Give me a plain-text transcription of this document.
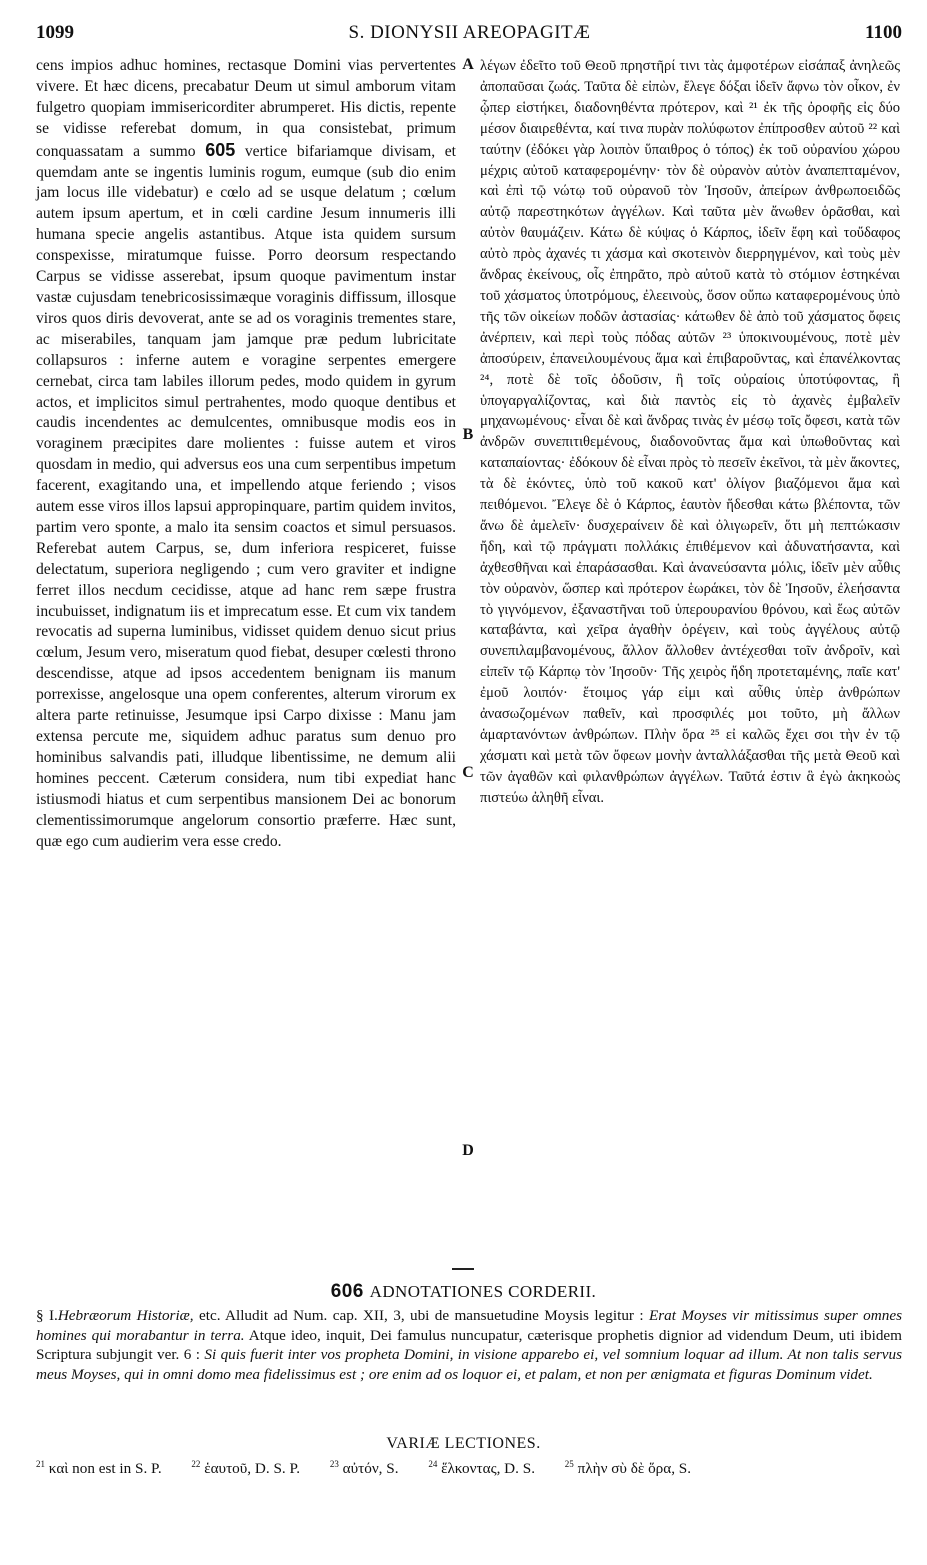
1099	S. DIONYSII AREOPAGITÆ	1100

cens impios adhuc homines, rectasque Domini vias pervertentes vivere. Et hæc dicens, precabatur Deum ut simul amborum vitam fulgetro quopiam immisericorditer abrumperet. His dictis, repente se vidisse referebat domum, in qua consistebat, primum conquassatam a summo 605 vertice bifariamque divisam, et quemdam ante se ingentis luminis rogum, eumque (sub dio enim jam locus ille videbatur) e cœlo ad se usque delatum ; cœlum autem ipsum apertum, et in cœli cardine Jesum innumeris illi humana specie angelis astantibus. Atque ista quidem sursum conspexisse, miratumque fuisse. Porro deorsum respectando Carpus se vidisse asserebat, ipsum quoque pavimentum instar vastæ cujusdam tenebricosissimæque voraginis diffissum, illosque viros quos diris devoverat, ante se ad os voraginis trementes stare, ac miserabiles, tanquam jam jamque præ pedum lubricitate collapsuros : inferne autem e voragine serpentes emergere cernebat, circa tam labiles illorum pedes, modo quidem in gyrum actos, et implicitos simul pertrahentes, modo quoque dentibus et caudis incendentes ac demulcentes, omnibusque modis eos in voraginem præcipites dare molientes : fuisse autem et viros quosdam in medio, qui adversus eos una cum serpentibus impetum facerent, exagitando una, et impellendo atque feriendo ; visos autem esse viros illos lapsui appropinquare, partim quidem invitos, partim vero sponte, a malo ita sensim coactos et simul persuasos. Referebat autem Carpus, se, dum inferiora respiceret, fuisse delectatum, superiora negligendo ; cum vero graviter et indigne ferret illos necdum cecidisse, atque ad hanc rem sæpe frustra incubuisset, indignatum iis et imprecatum esse. Et cum vix tandem revocatis ad superna luminibus, vidisset quidem denuo sicut prius cœlum, Jesum vero, miseratum quod fiebat, desuper cœlesti throno descendisse, atque ad ipsos accedentem benignam iis manum porrexisse, angelosque una opem conferentes, alterum virorum ex altera parte retinuisse, Jesumque ipsi Carpo dixisse : Manu jam extensa percute me, siquidem adhuc paratus sum denuo pro hominibus salvandis pati, illudque libentissime, ne demum alii homines peccent. Cæterum considera, num tibi expediat hanc istiusmodi hiatus et cum serpentibus mansionem Dei ac bonorum clementissimorumque angelorum consortio præferre. Hæc sunt, quæ ego cum audierim vera esse credo.

A
B
C
D

λέγων ἐδεῖτο τοῦ Θεοῦ πρηστῆρί τινι τὰς ἀμφοτέρων εἰσάπαξ ἀνηλεῶς ἀποπαῦσαι ζωάς. Ταῦτα δὲ εἰπὼν, ἔλεγε δόξαι ἰδεῖν ἄφνω τὸν οἶκον, ἐν ᾧπερ εἱστήκει, διαδονηθέντα πρότερον, καὶ ²¹ ἐκ τῆς ὀροφῆς εἰς δύο μέσον διαιρεθέντα, καί τινα πυρὰν πολύφωτον ἐπίπροσθεν αὐτοῦ ²² καὶ ταύτην (ἐδόκει γὰρ λοιπὸν ὕπαιθρος ὁ τόπος) ἐκ τοῦ οὐρανίου χώρου μέχρις αὐτοῦ καταφερομένην· τὸν δὲ οὐρανὸν αὐτὸν ἀναπεπταμένον, καὶ ἐπὶ τῷ νώτῳ τοῦ οὐρανοῦ τὸν Ἰησοῦν, ἀπείρων ἀνθρωποειδῶς αὐτῷ παρεστηκότων ἀγγέλων. Καὶ ταῦτα μὲν ἄνωθεν ὁρᾶσθαι, καὶ αὐτὸν θαυμάζειν. Κάτω δὲ κύψας ὁ Κάρπος, ἰδεῖν ἔφη καὶ τοὔδαφος αὐτὸ πρὸς ἀχανές τι χάσμα καὶ σκοτεινὸν διερρηγμένον, καὶ τοὺς μὲν ἄνδρας ἐκείνους, οἷς ἐπηρᾶτο, πρὸ αὐτοῦ κατὰ τὸ στόμιον ἑστηκέναι τοῦ χάσματος ὑποτρόμους, ἐλεεινοὺς, ὅσον οὔπω καταφερομένους ὑπὸ τῆς τῶν οἰκείων ποδῶν ἀστασίας· κάτωθεν δὲ ἀπὸ τοῦ χάσματος ὄφεις ἀνέρπειν, καὶ περὶ τοὺς πόδας αὐτῶν ²³ ὑποκινουμένους, ποτὲ μὲν ἀποσύρειν, ἐπανειλουμένους ἅμα καὶ ἐπιβαροῦντας, καὶ ἐπανέλκοντας ²⁴, ποτὲ δὲ τοῖς ὀδοῦσιν, ἢ τοῖς οὐραίοις ὑποτύφοντας, ἢ ὑπογαργαλίζοντας, καὶ διὰ παντὸς εἰς τὸ ἀχανὲς ἐμβαλεῖν μηχανωμένους· εἶναι δὲ καὶ ἄνδρας τινὰς ἐν μέσῳ τοῖς ὄφεσι, κατὰ τῶν ἀνδρῶν συνεπιτιθεμένους, διαδονοῦντας ἅμα καὶ ὑπωθοῦντας καὶ καταπαίοντας· ἐδόκουν δὲ εἶναι πρὸς τὸ πεσεῖν ἐκεῖνοι, τὰ μὲν ἄκοντες, τὰ δὲ ἑκόντες, ὑπὸ τοῦ κακοῦ κατ' ὀλίγον βιαζόμενοι ἅμα καὶ πειθόμενοι. Ἔλεγε δὲ ὁ Κάρπος, ἑαυτὸν ἥδεσθαι κάτω βλέποντα, τῶν ἄνω δὲ ἀμελεῖν· δυσχεραίνειν δὲ καὶ ὀλιγωρεῖν, ὅτι μὴ πεπτώκασιν ἤδη, καὶ τῷ πράγματι πολλάκις ἐπιθέμενον καὶ ἀδυνατήσαντα, καὶ ἀχθεσθῆναι καὶ ἐπαράσασθαι. Καὶ ἀνανεύσαντα μόλις, ἰδεῖν μὲν αὖθις τὸν οὐρανὸν, ὥσπερ καὶ πρότερον ἑωράκει, τὸν δὲ Ἰησοῦν, ἐλεήσαντα τὸ γιγνόμενον, ἐξαναστῆναι τοῦ ὑπερουρανίου θρόνου, καὶ ἕως αὐτῶν καταβάντα, καὶ χεῖρα ἀγαθὴν ὀρέγειν, καὶ τοὺς ἀγγέλους αὐτῷ συνεπιλαμβανομένους, ἄλλον ἄλλοθεν ἀντέχεσθαι τοῖν ἀνδροῖν, καὶ εἰπεῖν τῷ Κάρπῳ τὸν Ἰησοῦν· Τῆς χειρὸς ἤδη προτεταμένης, παῖε κατ' ἐμοῦ λοιπόν· ἕτοιμος γάρ εἰμι καὶ αὖθις ὑπὲρ ἀνθρώπων ἀνασωζομένων παθεῖν, καὶ προσφιλές μοι τοῦτο, μὴ ἄλλων ἁμαρτανόντων ἀνθρώπων. Πλὴν ὅρα ²⁵ εἰ καλῶς ἔχει σοι τὴν ἐν τῷ χάσματι καὶ μετὰ τῶν ὄφεων μονὴν ἀνταλλάξασθαι τῆς μετὰ Θεοῦ καὶ τῶν ἀγαθῶν καὶ φιλανθρώπων ἀγγέλων. Ταῦτά ἐστιν ἃ ἐγὼ ἀκηκοὼς πιστεύω ἀληθῆ εἶναι.

606 ADNOTATIONES CORDERII.

§ I.Hebræorum Historiæ, etc. Alludit ad Num. cap. XII, 3, ubi de mansuetudine Moysis legitur : Erat Moyses vir mitissimus super omnes homines qui morabantur in terra. Atque ideo, inquit, Dei famulus nuncupatur, cæterisque prophetis dignior ad videndum Deum, uti ibidem Scriptura subjungit ver. 6 : Si quis fuerit inter vos propheta Domini, in visione apparebo ei, vel somnium loquar ad illum. At non talis servus meus Moyses, qui in omni domo mea fidelissimus est ; ore enim ad os loquor ei, et palam, et non per ænigmata et figuras Dominum videt.

VARIÆ LECTIONES.
$^{21}$ καὶ non est in S. P.	$^{22}$ ἑαυτοῦ, D. S. P.	$^{23}$ αὐτόν, S.	$^{24}$ ἕλκοντας, D. S.	$^{25}$ πλὴν σὺ δὲ ὅρα, S.
